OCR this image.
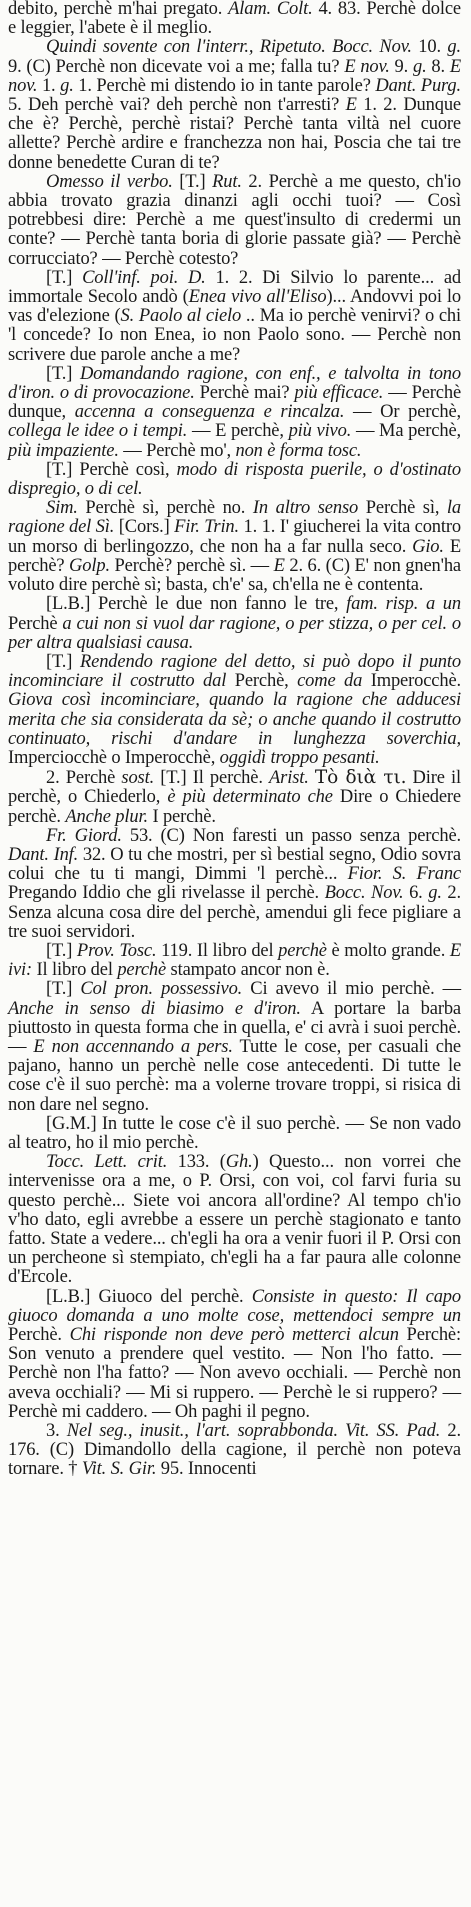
debito, perchè m'hai pregato. Alam. Colt. 4. 83. Perchè dolce e leggier, l'abete è il meglio.

Quindi sovente con l'interr., Ripetuto. Bocc. Nov. 10. g. 9. (C) Perchè non dicevate voi a me; falla tu? E nov. 9. g. 8. E nov. 1. g. 1. Perchè mi distendo io in tante parole? Dant. Purg. 5. Deh perchè vai? deh perchè non t'arresti? E 1. 2. Dunque che è? Perchè, perchè ristai? Perchè tanta viltà nel cuore allette? Perchè ardire e franchezza non hai, Poscia che tai tre donne benedette Curan di te?

Omesso il verbo. [T.] Rut. 2. Perchè a me questo, ch'io abbia trovato grazia dinanzi agli occhi tuoi? — Così potrebbesi dire: Perchè a me quest'insulto di credermi un conte? — Perchè tanta boria di glorie passate già? — Perchè corrucciato? — Perchè cotesto?

[T.] Coll'inf. poi. D. 1. 2. Di Silvio lo parente... ad immortale Secolo andò (Enea vivo all'Eliso)... Andovvi poi lo vas d'elezione (S. Paolo al cielo .. Ma io perchè venirvi? o chi 'l concede? Io non Enea, io non Paolo sono. — Perchè non scrivere due parole anche a me?

[T.] Domandando ragione, con enf., e talvolta in tono d'iron. o di provocazione. Perchè mai? più efficace. — Perchè dunque, accenna a conseguenza e rincalza. — Or perchè, collega le idee o i tempi. — E perchè, più vivo. — Ma perchè, più impaziente. — Perchè mo', non è forma tosc.

[T.] Perchè così, modo di risposta puerile, o d'ostinato dispregio, o di cel.

Sim. Perchè sì, perchè no. In altro senso Perchè sì, la ragione del Sì. [Cors.] Fir. Trin. 1. 1. I' giucherei la vita contro un morso di berlingozzo, che non ha a far nulla seco. Gio. E perchè? Golp. Perchè? perchè sì. — E 2. 6. (C) E' non gnen'ha voluto dire perchè sì; basta, ch'e' sa, ch'ella ne è contenta.

[L.B.] Perchè le due non fanno le tre, fam. risp. a un Perchè a cui non si vuol dar ragione, o per stizza, o per cel. o per altra qualsiasi causa.

[T.] Rendendo ragione del detto, si può dopo il punto incominciare il costrutto dal Perchè, come da Imperocchè. Giova così incominciare, quando la ragione che adducesi merita che sia considerata da sè; o anche quando il costrutto continuato, rischi d'andare in lunghezza soverchia, Imperciocchè o Imperocchè, oggidì troppo pesanti.

2. Perchè sost. [T.] Il perchè. Arist. Τὸ διὰ τι. Dire il perchè, o Chiederlo, è più determinato che Dire o Chiedere perchè. Anche plur. I perchè.

Fr. Giord. 53. (C) Non faresti un passo senza perchè. Dant. Inf. 32. O tu che mostri, per sì bestial segno, Odio sovra colui che tu ti mangi, Dimmi 'l perchè... Fior. S. Franc Pregando Iddio che gli rivelasse il perchè. Bocc. Nov. 6. g. 2. Senza alcuna cosa dire del perchè, amendui gli fece pigliare a tre suoi servidori.

[T.] Prov. Tosc. 119. Il libro del perchè è molto grande. E ivi: Il libro del perchè stampato ancor non è.

[T.] Col pron. possessivo. Ci avevo il mio perchè. — Anche in senso di biasimo e d'iron. A portare la barba piuttosto in questa forma che in quella, e' ci avrà i suoi perchè. — E non accennando a pers. Tutte le cose, per casuali che pajano, hanno un perchè nelle cose antecedenti. Di tutte le cose c'è il suo perchè: ma a volerne trovare troppi, si risica di non dare nel segno.

[G.M.] In tutte le cose c'è il suo perchè. — Se non vado al teatro, ho il mio perchè.

Tocc. Lett. crit. 133. (Gh.) Questo... non vorrei che intervenisse ora a me, o P. Orsi, con voi, col farvi furia su questo perchè... Siete voi ancora all'ordine? Al tempo ch'io v'ho dato, egli avrebbe a essere un perchè stagionato e tanto fatto. State a vedere... ch'egli ha ora a venir fuori il P. Orsi con un percheone sì stempiato, ch'egli ha a far paura alle colonne d'Ercole.

[L.B.] Giuoco del perchè. Consiste in questo: Il capo giuoco domanda a uno molte cose, mettendoci sempre un Perchè. Chi risponde non deve però metterci alcun Perchè: Son venuto a prendere quel vestito. — Non l'ho fatto. — Perchè non l'ha fatto? — Non avevo occhiali. — Perchè non aveva occhiali? — Mi si ruppero. — Perchè le si ruppero? — Perchè mi caddero. — Oh paghi il pegno.

3. Nel seg., inusit., l'art. soprabbonda. Vit. SS. Pad. 2. 176. (C) Dimandollo della cagione, il perchè non poteva tornare. † Vit. S. Gir. 95. Innocenti
